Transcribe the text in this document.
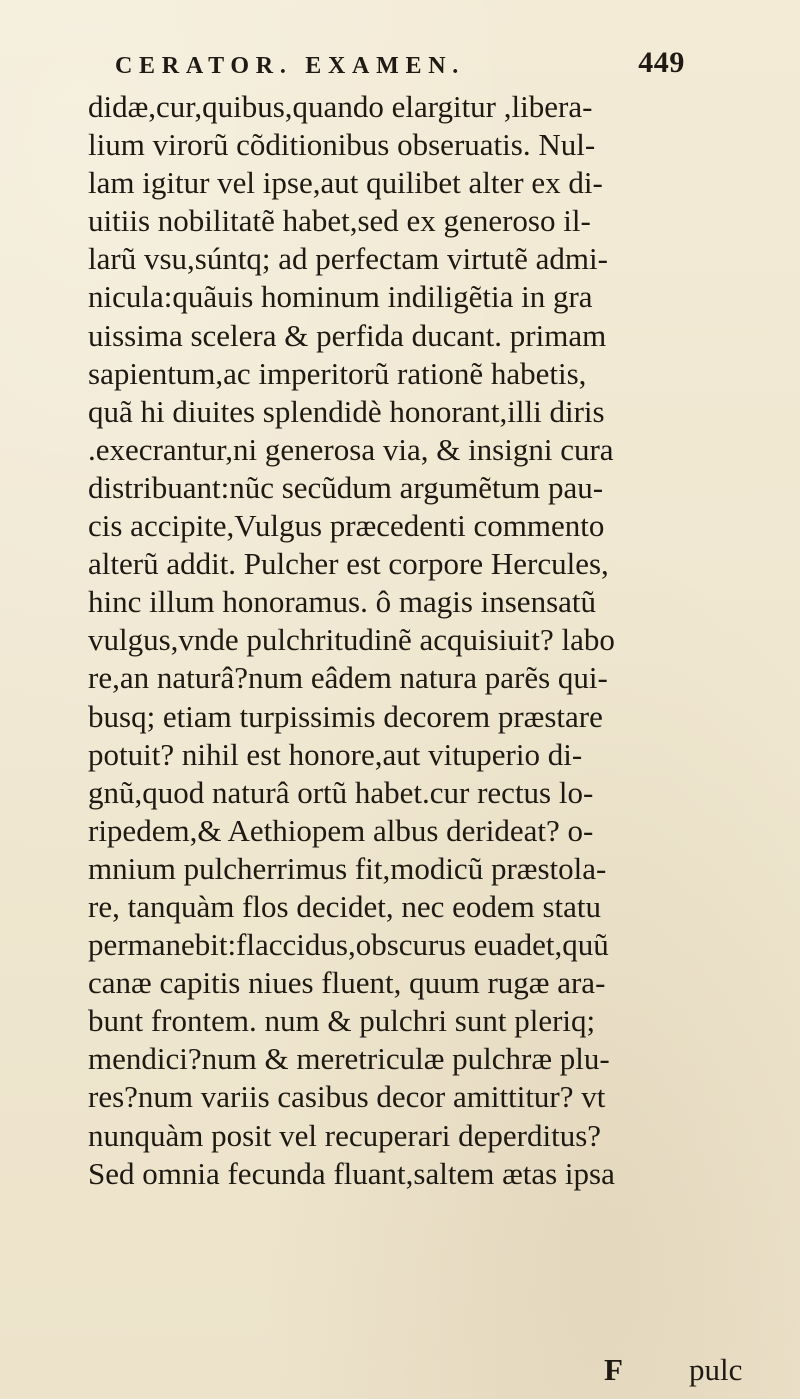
CERATOR. EXAMEN.	449
didæ,cur,quibus,quando elargitur ,libera-
lium virorũ cõditionibus obseruatis. Nul-
lam igitur vel ipse,aut quilibet alter ex di-
uitiis nobilitatẽ habet,sed ex generoso il-
larũ vsu,súntq; ad perfectam virtutẽ admi-
nicula:quãuis hominum indiligẽtia in gra
uissima scelera & perfida ducant. primam
sapientum,ac imperitorũ rationẽ habetis,
quã hi diuites splendidè honorant,illi diris
.execrantur,ni generosa via, & insigni cura
distribuant:nũc secũdum argumẽtum pau-
cis accipite,Vulgus præcedenti commento
alterũ addit. Pulcher est corpore Hercules,
hinc illum honoramus. ô magis insensatũ
vulgus,vnde pulchritudinẽ acquisiuit? labo
re,an naturâ?num eâdem natura parẽs qui-
busq; etiam turpissimis decorem præstare
potuit? nihil est honore,aut vituperio di-
gnũ,quod naturâ ortũ habet.cur rectus lo-
ripedem,& Aethiopem albus derideat? o-
mnium pulcherrimus fit,modicũ præstola-
re, tanquàm flos decidet, nec eodem statu
permanebit:flaccidus,obscurus euadet,quũ
canæ capitis niues fluent, quum rugæ ara-
bunt frontem. num & pulchri sunt pleriq;
mendici?num & meretriculæ pulchræ plu-
res?num variis casibus decor amittitur? vt
nunquàm posit vel recuperari deperditus?
Sed omnia fecunda fluant,saltem ætas ipsa
F pulc
